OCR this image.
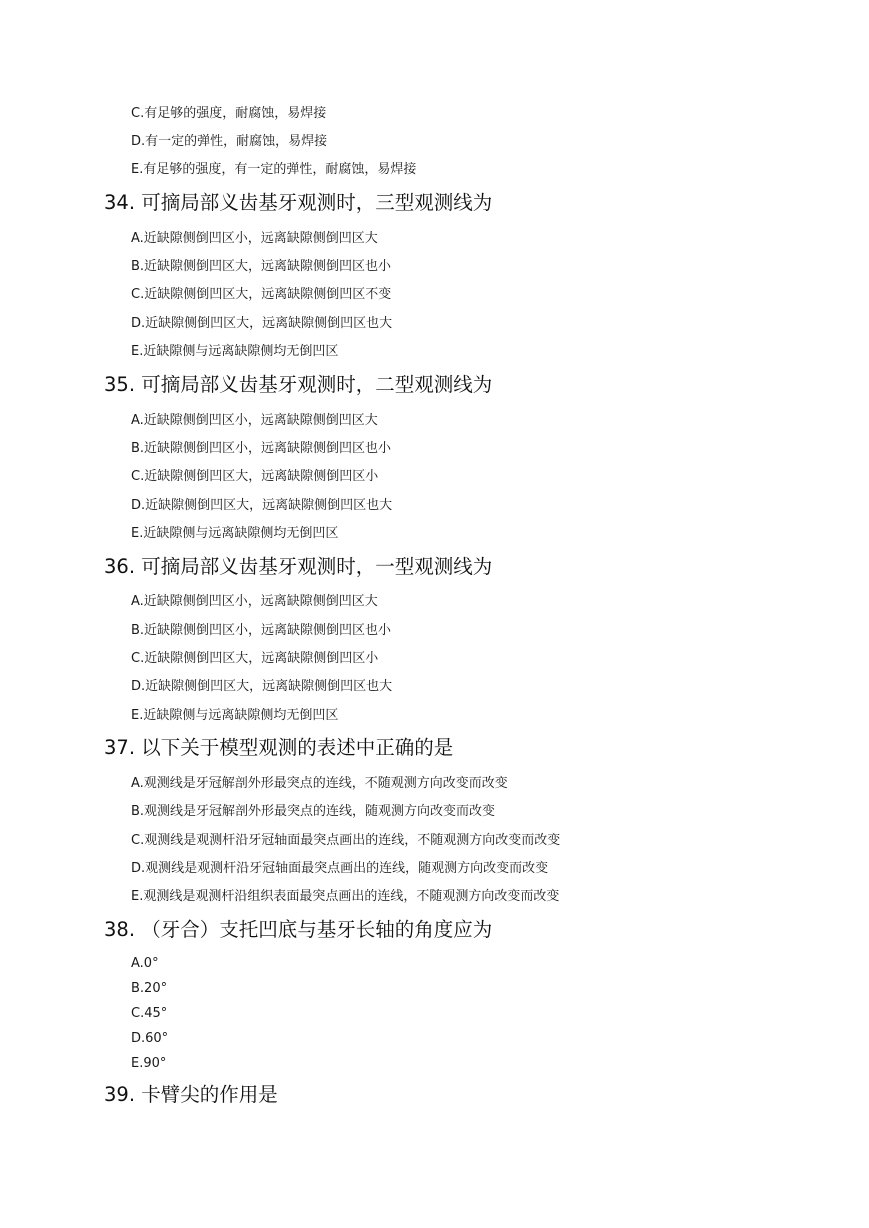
C.有足够的强度，耐腐蚀，易焊接
D.有一定的弹性，耐腐蚀，易焊接
E.有足够的强度，有一定的弹性，耐腐蚀，易焊接
34. 可摘局部义齿基牙观测时，三型观测线为
A.近缺隙侧倒凹区小，远离缺隙侧倒凹区大
B.近缺隙侧倒凹区大，远离缺隙侧倒凹区也小
C.近缺隙侧倒凹区大，远离缺隙侧倒凹区不变
D.近缺隙侧倒凹区大，远离缺隙侧倒凹区也大
E.近缺隙侧与远离缺隙侧均无倒凹区
35. 可摘局部义齿基牙观测时，二型观测线为
A.近缺隙侧倒凹区小，远离缺隙侧倒凹区大
B.近缺隙侧倒凹区小，远离缺隙侧倒凹区也小
C.近缺隙侧倒凹区大，远离缺隙侧倒凹区小
D.近缺隙侧倒凹区大，远离缺隙侧倒凹区也大
E.近缺隙侧与远离缺隙侧均无倒凹区
36. 可摘局部义齿基牙观测时，一型观测线为
A.近缺隙侧倒凹区小，远离缺隙侧倒凹区大
B.近缺隙侧倒凹区小，远离缺隙侧倒凹区也小
C.近缺隙侧倒凹区大，远离缺隙侧倒凹区小
D.近缺隙侧倒凹区大，远离缺隙侧倒凹区也大
E.近缺隙侧与远离缺隙侧均无倒凹区
37. 以下关于模型观测的表述中正确的是
A.观测线是牙冠解剖外形最突点的连线，不随观测方向改变而改变
B.观测线是牙冠解剖外形最突点的连线，随观测方向改变而改变
C.观测线是观测杆沿牙冠轴面最突点画出的连线，不随观测方向改变而改变
D.观测线是观测杆沿牙冠轴面最突点画出的连线，随观测方向改变而改变
E.观测线是观测杆沿组织表面最突点画出的连线，不随观测方向改变而改变
38. （牙合）支托凹底与基牙长轴的角度应为
A.0°
B.20°
C.45°
D.60°
E.90°
39. 卡臂尖的作用是
